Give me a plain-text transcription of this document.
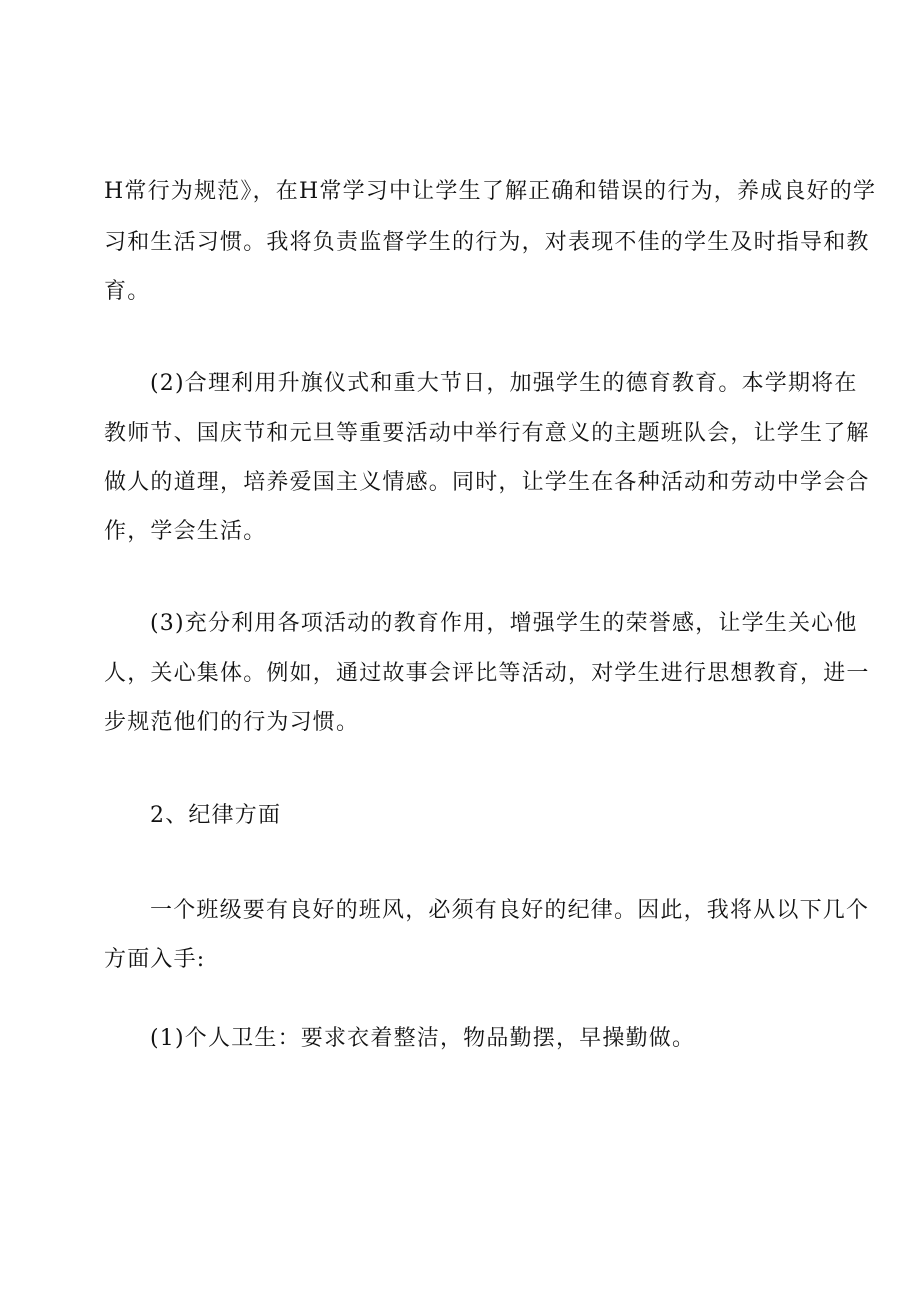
H常行为规范》，在H常学习中让学生了解正确和错误的行为，养成良好的学
习和生活习惯。我将负责监督学生的行为，对表现不佳的学生及时指导和教
育。
(2)合理利用升旗仪式和重大节日，加强学生的德育教育。本学期将在
教师节、国庆节和元旦等重要活动中举行有意义的主题班队会，让学生了解
做人的道理，培养爱国主义情感。同时，让学生在各种活动和劳动中学会合
作，学会生活。
(3)充分利用各项活动的教育作用，增强学生的荣誉感，让学生关心他
人，关心集体。例如，通过故事会评比等活动，对学生进行思想教育，进一
步规范他们的行为习惯。
2、纪律方面
一个班级要有良好的班风，必须有良好的纪律。因此，我将从以下几个
方面入手:
(1)个人卫生：要求衣着整洁，物品勤摆，早操勤做。
